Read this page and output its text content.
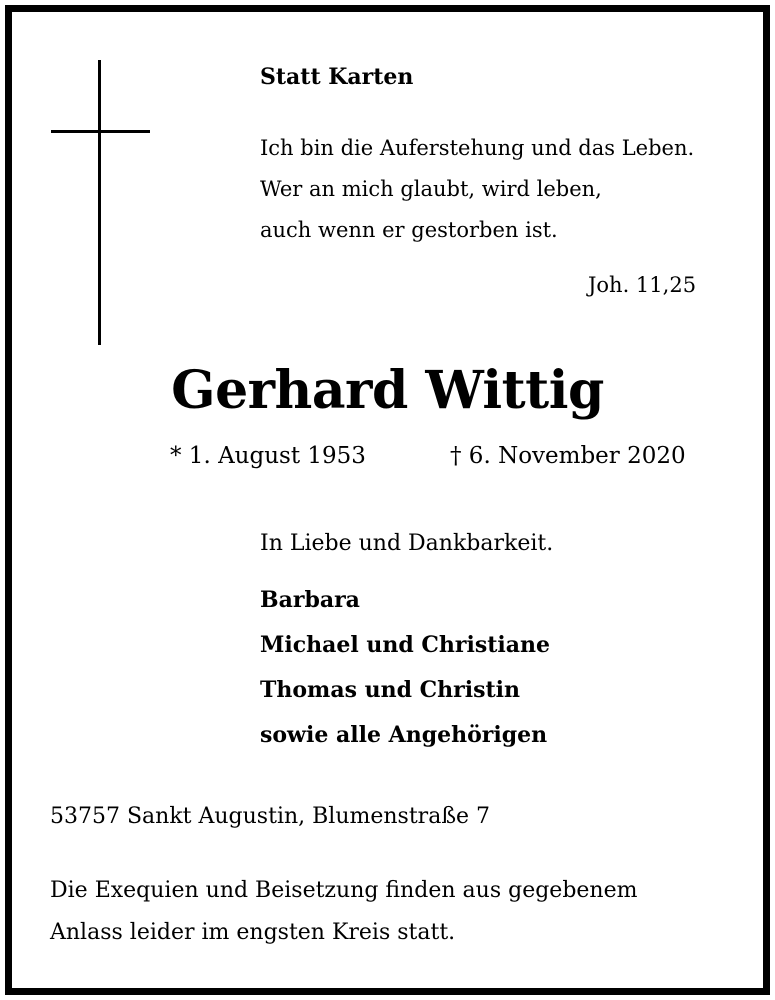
Statt Karten

Ich bin die Auferstehung und das Leben.
Wer an mich glaubt, wird leben,
auch wenn er gestorben ist.

Joh. 11,25

Gerhard Wittig

* 1. August 1953	† 6. November 2020

In Liebe und Dankbarkeit.

Barbara
Michael und Christiane
Thomas und Christin
sowie alle Angehörigen

53757 Sankt Augustin, Blumenstraße 7

Die Exequien und Beisetzung finden aus gegebenem
Anlass leider im engsten Kreis statt.
